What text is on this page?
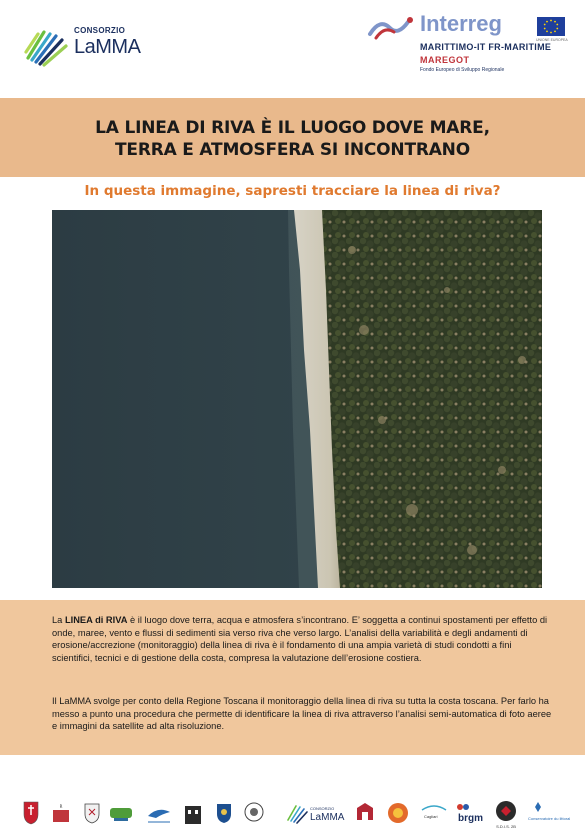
CONSORZIO
LaMMA
Interreg
UNIONE EUROPEA
MARITTIMO-IT FR-MARITIME
MAREGOT
Fondo Europeo di Sviluppo Regionale
LA LINEA DI RIVA È IL LUOGO DOVE MARE,
TERRA E ATMOSFERA SI INCONTRANO
In questa immagine, sapresti tracciare la linea di riva?

La LINEA di RIVA è il luogo dove terra, acqua e atmosfera s’incontrano. E’ soggetta a continui spostamenti per effetto di onde, maree, vento e flussi di sedimenti sia verso riva che verso largo. L’analisi della variabilità e degli andamenti di erosione/accrezione (monitoraggio) della linea di riva è il fondamento di una ampia varietà di studi condotti a fini scientifici, tecnici e di gestione della costa, compresa la valutazione dell’erosione costiera.

Il LaMMA svolge per conto della Regione Toscana il monitoraggio della linea di riva su tutta la costa toscana. Per farlo ha messo a punto una procedura che permette di identificare la linea di riva attraverso l’analisi semi-automatica di foto aeree e immagini da satellite ad alta risoluzione.

R	CONSORZIO
LaMMA	Cagliari brgm
S.D.I.S. 2B
Conservatoire du littoral
